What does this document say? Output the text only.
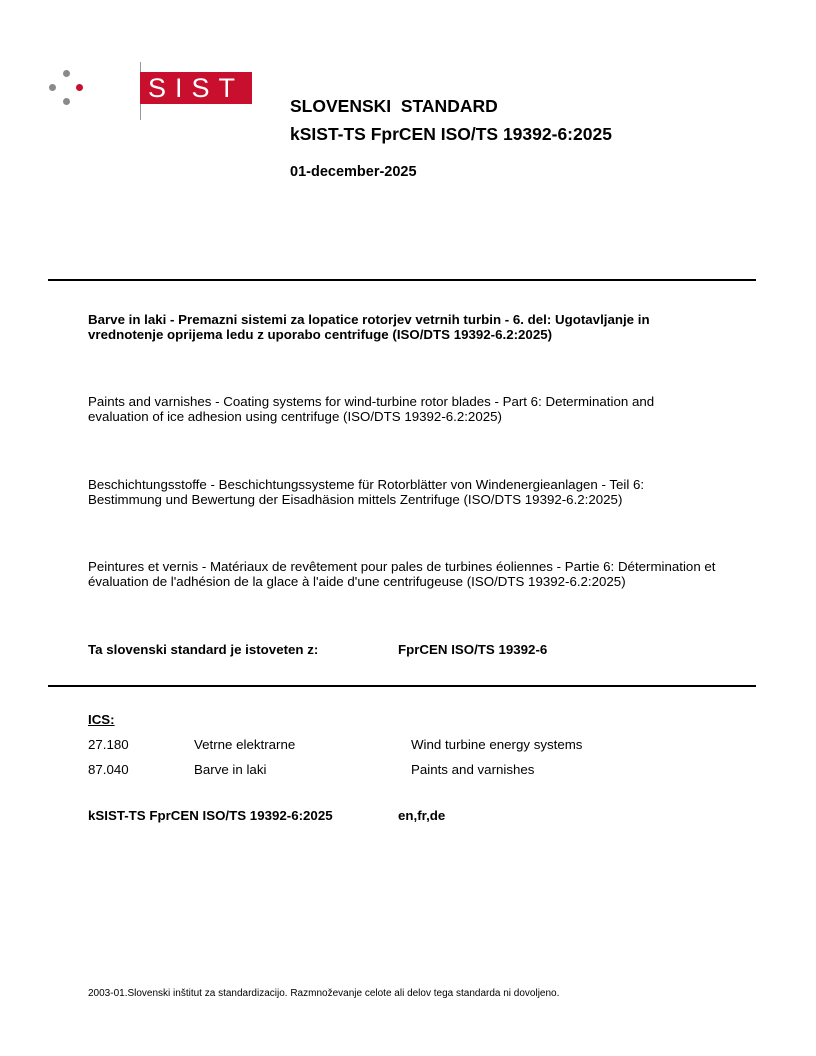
SIST
SLOVENSKI  STANDARD
kSIST-TS FprCEN ISO/TS 19392-6:2025
01-december-2025
Barve in laki - Premazni sistemi za lopatice rotorjev vetrnih turbin - 6. del: Ugotavljanje in vrednotenje oprijema ledu z uporabo centrifuge (ISO/DTS 19392-6.2:2025)
Paints and varnishes - Coating systems for wind-turbine rotor blades - Part 6: Determination and evaluation of ice adhesion using centrifuge (ISO/DTS 19392-6.2:2025)
Beschichtungsstoffe - Beschichtungssysteme für Rotorblätter von Windenergieanlagen - Teil 6: Bestimmung und Bewertung der Eisadhäsion mittels Zentrifuge (ISO/DTS 19392-6.2:2025)
Peintures et vernis - Matériaux de revêtement pour pales de turbines éoliennes - Partie 6: Détermination et évaluation de l'adhésion de la glace à l'aide d'une centrifugeuse (ISO/DTS 19392-6.2:2025)
Ta slovenski standard je istoveten z:	FprCEN ISO/TS 19392-6
ICS:
27.180	Vetrne elektrarne	Wind turbine energy systems
87.040	Barve in laki	Paints and varnishes
kSIST-TS FprCEN ISO/TS 19392-6:2025	en,fr,de
2003-01.Slovenski inštitut za standardizacijo. Razmnoževanje celote ali delov tega standarda ni dovoljeno.
